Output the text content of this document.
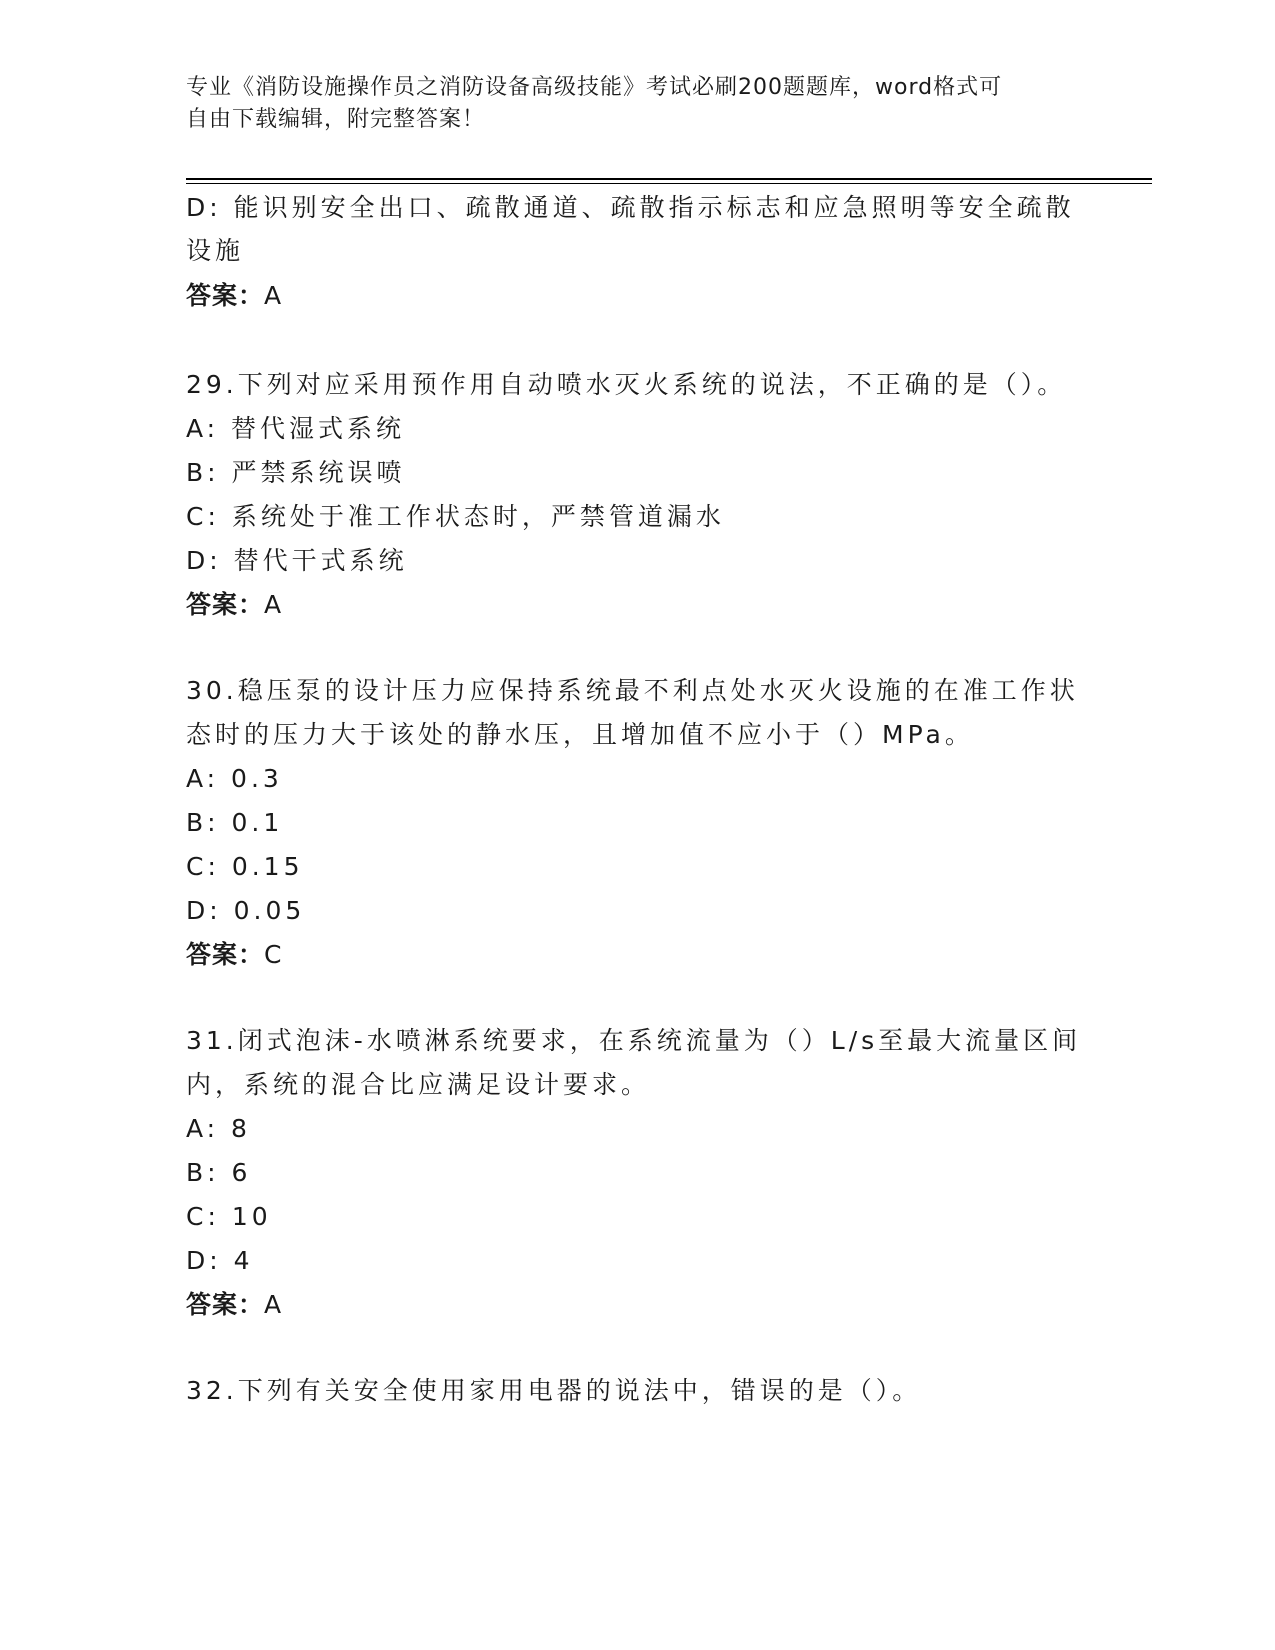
专业《消防设施操作员之消防设备高级技能》考试必刷200题题库，word格式可
自由下载编辑，附完整答案！
D: 能识别安全出口、疏散通道、疏散指示标志和应急照明等安全疏散
设施
答案：A
29.下列对应采用预作用自动喷水灭火系统的说法，不正确的是（）。
A: 替代湿式系统
B: 严禁系统误喷
C: 系统处于准工作状态时，严禁管道漏水
D: 替代干式系统
答案：A
30.稳压泵的设计压力应保持系统最不利点处水灭火设施的在准工作状
态时的压力大于该处的静水压，且增加值不应小于（）MPa。
A: 0.3
B: 0.1
C: 0.15
D: 0.05
答案：C
31.闭式泡沫-水喷淋系统要求，在系统流量为（）L/s至最大流量区间
内，系统的混合比应满足设计要求。
A: 8
B: 6
C: 10
D: 4
答案：A
32.下列有关安全使用家用电器的说法中，错误的是（）。
